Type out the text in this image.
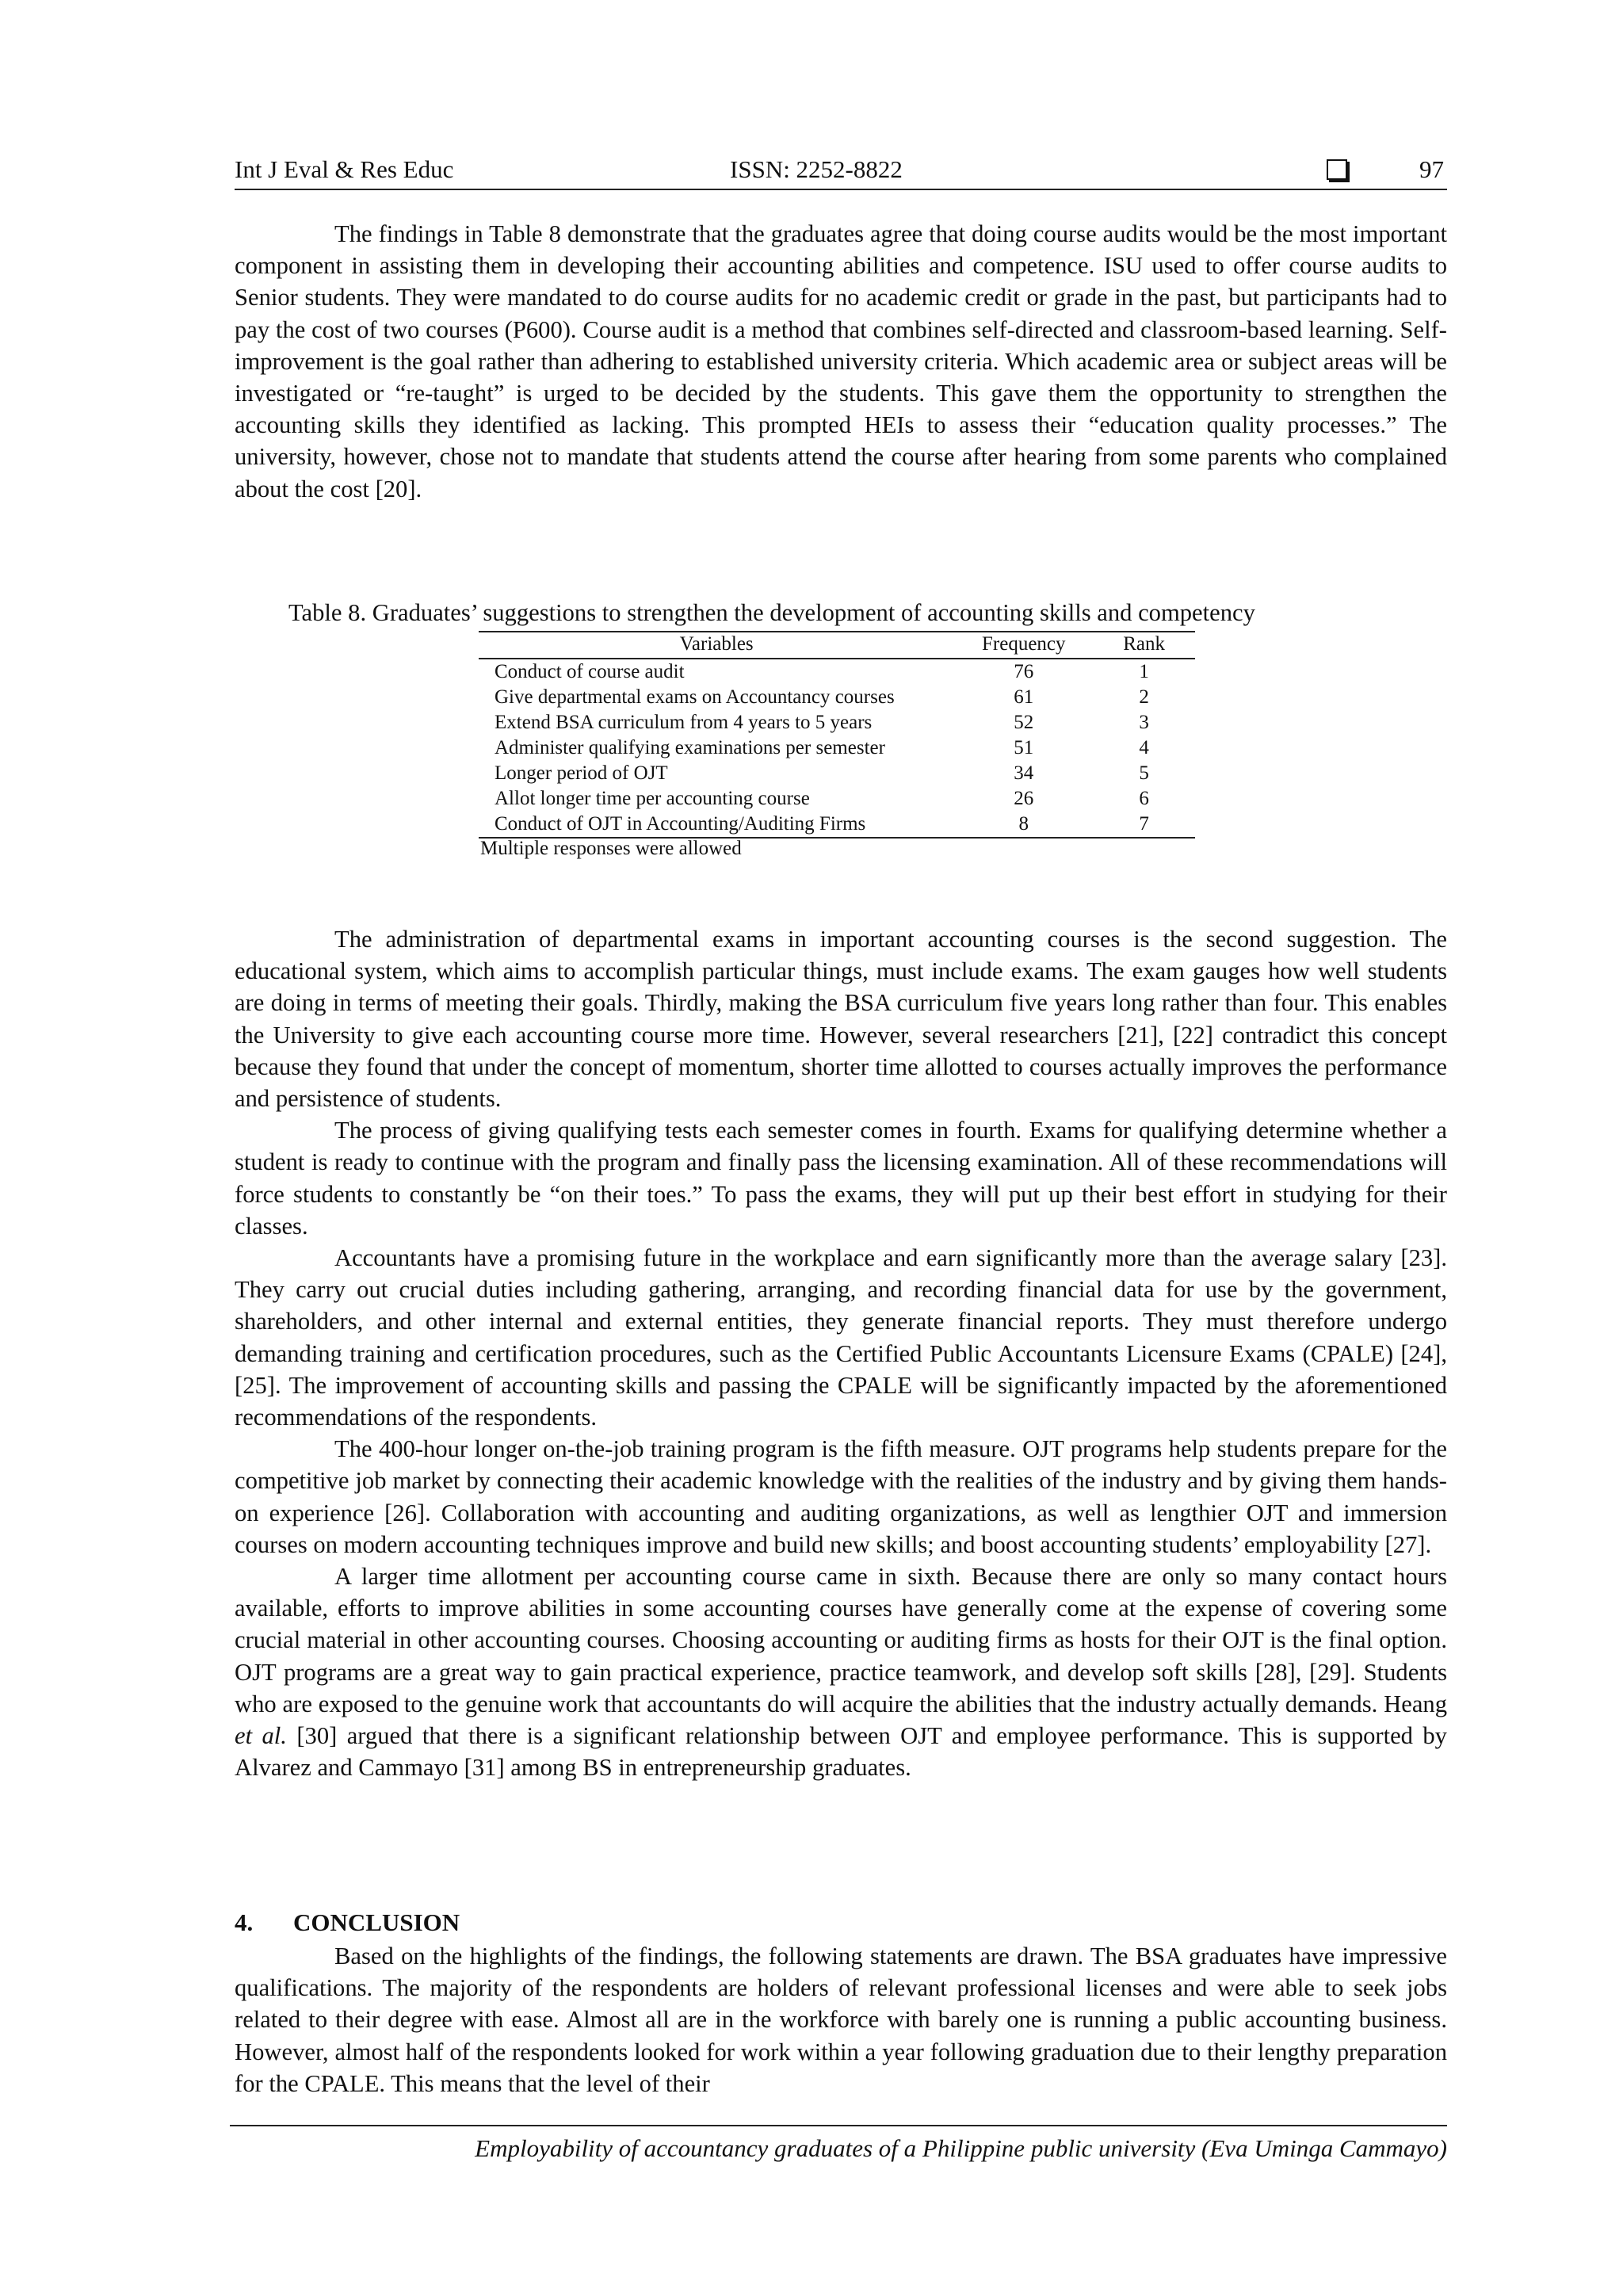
Int J Eval & Res Educ	ISSN: 2252-8822	97

The findings in Table 8 demonstrate that the graduates agree that doing course audits would be the most important component in assisting them in developing their accounting abilities and competence. ISU used to offer course audits to Senior students. They were mandated to do course audits for no academic credit or grade in the past, but participants had to pay the cost of two courses (P600). Course audit is a method that combines self-directed and classroom-based learning. Self-improvement is the goal rather than adhering to established university criteria. Which academic area or subject areas will be investigated or “re-taught” is urged to be decided by the students. This gave them the opportunity to strengthen the accounting skills they identified as lacking. This prompted HEIs to assess their “education quality processes.” The university, however, chose not to mandate that students attend the course after hearing from some parents who complained about the cost [20].

Table 8. Graduates’ suggestions to strengthen the development of accounting skills and competency
Variables	Frequency	Rank
Conduct of course audit	76	1
Give departmental exams on Accountancy courses	61	2
Extend BSA curriculum from 4 years to 5 years	52	3
Administer qualifying examinations per semester	51	4
Longer period of OJT	34	5
Allot longer time per accounting course	26	6
Conduct of OJT in Accounting/Auditing Firms	8	7
Multiple responses were allowed

The administration of departmental exams in important accounting courses is the second suggestion. The educational system, which aims to accomplish particular things, must include exams. The exam gauges how well students are doing in terms of meeting their goals. Thirdly, making the BSA curriculum five years long rather than four. This enables the University to give each accounting course more time. However, several researchers [21], [22] contradict this concept because they found that under the concept of momentum, shorter time allotted to courses actually improves the performance and persistence of students.

The process of giving qualifying tests each semester comes in fourth. Exams for qualifying determine whether a student is ready to continue with the program and finally pass the licensing examination. All of these recommendations will force students to constantly be “on their toes.” To pass the exams, they will put up their best effort in studying for their classes.

Accountants have a promising future in the workplace and earn significantly more than the average salary [23]. They carry out crucial duties including gathering, arranging, and recording financial data for use by the government, shareholders, and other internal and external entities, they generate financial reports. They must therefore undergo demanding training and certification procedures, such as the Certified Public Accountants Licensure Exams (CPALE) [24], [25]. The improvement of accounting skills and passing the CPALE will be significantly impacted by the aforementioned recommendations of the respondents.

The 400-hour longer on-the-job training program is the fifth measure. OJT programs help students prepare for the competitive job market by connecting their academic knowledge with the realities of the industry and by giving them hands-on experience [26]. Collaboration with accounting and auditing organizations, as well as lengthier OJT and immersion courses on modern accounting techniques improve and build new skills; and boost accounting students’ employability [27].

A larger time allotment per accounting course came in sixth. Because there are only so many contact hours available, efforts to improve abilities in some accounting courses have generally come at the expense of covering some crucial material in other accounting courses. Choosing accounting or auditing firms as hosts for their OJT is the final option. OJT programs are a great way to gain practical experience, practice teamwork, and develop soft skills [28], [29]. Students who are exposed to the genuine work that accountants do will acquire the abilities that the industry actually demands. Heang et al. [30] argued that there is a significant relationship between OJT and employee performance. This is supported by Alvarez and Cammayo [31] among BS in entrepreneurship graduates.

4. CONCLUSION

Based on the highlights of the findings, the following statements are drawn. The BSA graduates have impressive qualifications. The majority of the respondents are holders of relevant professional licenses and were able to seek jobs related to their degree with ease. Almost all are in the workforce with barely one is running a public accounting business. However, almost half of the respondents looked for work within a year following graduation due to their lengthy preparation for the CPALE. This means that the level of their

Employability of accountancy graduates of a Philippine public university (Eva Uminga Cammayo)
